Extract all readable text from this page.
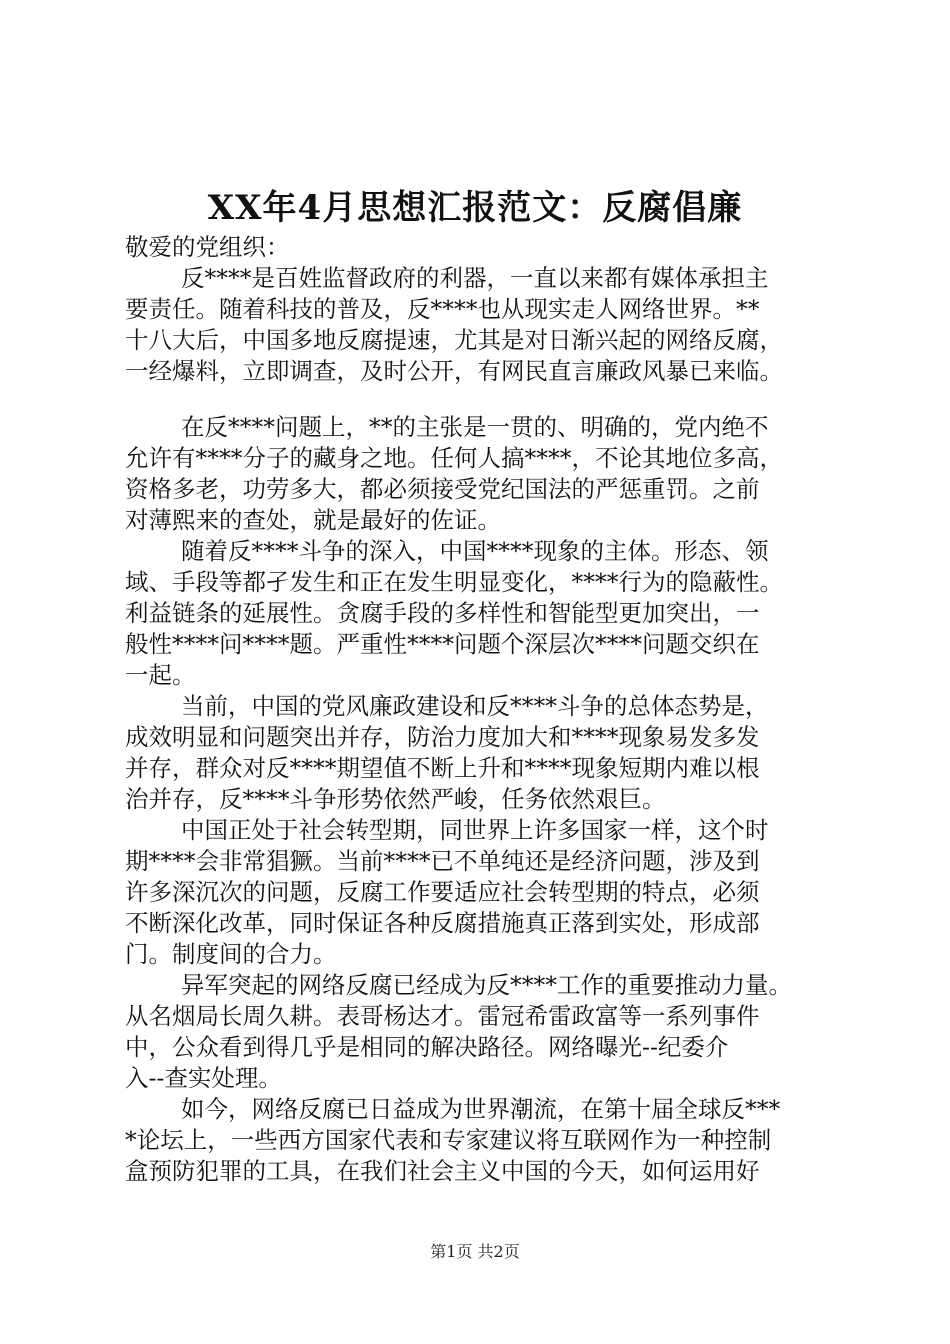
XX年4月思想汇报范文：反腐倡廉
敬爱的党组织：
反****是百姓监督政府的利器，一直以来都有媒体承担主
要责任。随着科技的普及，反****也从现实走人网络世界。**
十八大后，中国多地反腐提速，尤其是对日渐兴起的网络反腐，
一经爆料，立即调查，及时公开，有网民直言廉政风暴已来临。
在反****问题上，**的主张是一贯的、明确的，党内绝不
允许有****分子的藏身之地。任何人搞****，不论其地位多高，
资格多老，功劳多大，都必须接受党纪国法的严惩重罚。之前
对薄熙来的查处，就是最好的佐证。
随着反****斗争的深入，中国****现象的主体。形态、领
域、手段等都孑发生和正在发生明显变化，****行为的隐蔽性。
利益链条的延展性。贪腐手段的多样性和智能型更加突出，一
般性****问****题。严重性****问题个深层次****问题交织在
一起。
当前，中国的党风廉政建设和反****斗争的总体态势是，
成效明显和问题突出并存，防治力度加大和****现象易发多发
并存，群众对反****期望值不断上升和****现象短期内难以根
治并存，反****斗争形势依然严峻，任务依然艰巨。
中国正处于社会转型期，同世界上许多国家一样，这个时
期****会非常猖獗。当前****已不单纯还是经济问题，涉及到
许多深沉次的问题，反腐工作要适应社会转型期的特点，必须
不断深化改革，同时保证各种反腐措施真正落到实处，形成部
门。制度间的合力。
异军突起的网络反腐已经成为反****工作的重要推动力量。
从名烟局长周久耕。表哥杨达才。雷冠希雷政富等一系列事件
中，公众看到得几乎是相同的解决路径。网络曝光--纪委介
入--查实处理。
如今，网络反腐已日益成为世界潮流，在第十届全球反***
*论坛上，一些西方国家代表和专家建议将互联网作为一种控制
盒预防犯罪的工具，在我们社会主义中国的今天，如何运用好
第1页 共2页
